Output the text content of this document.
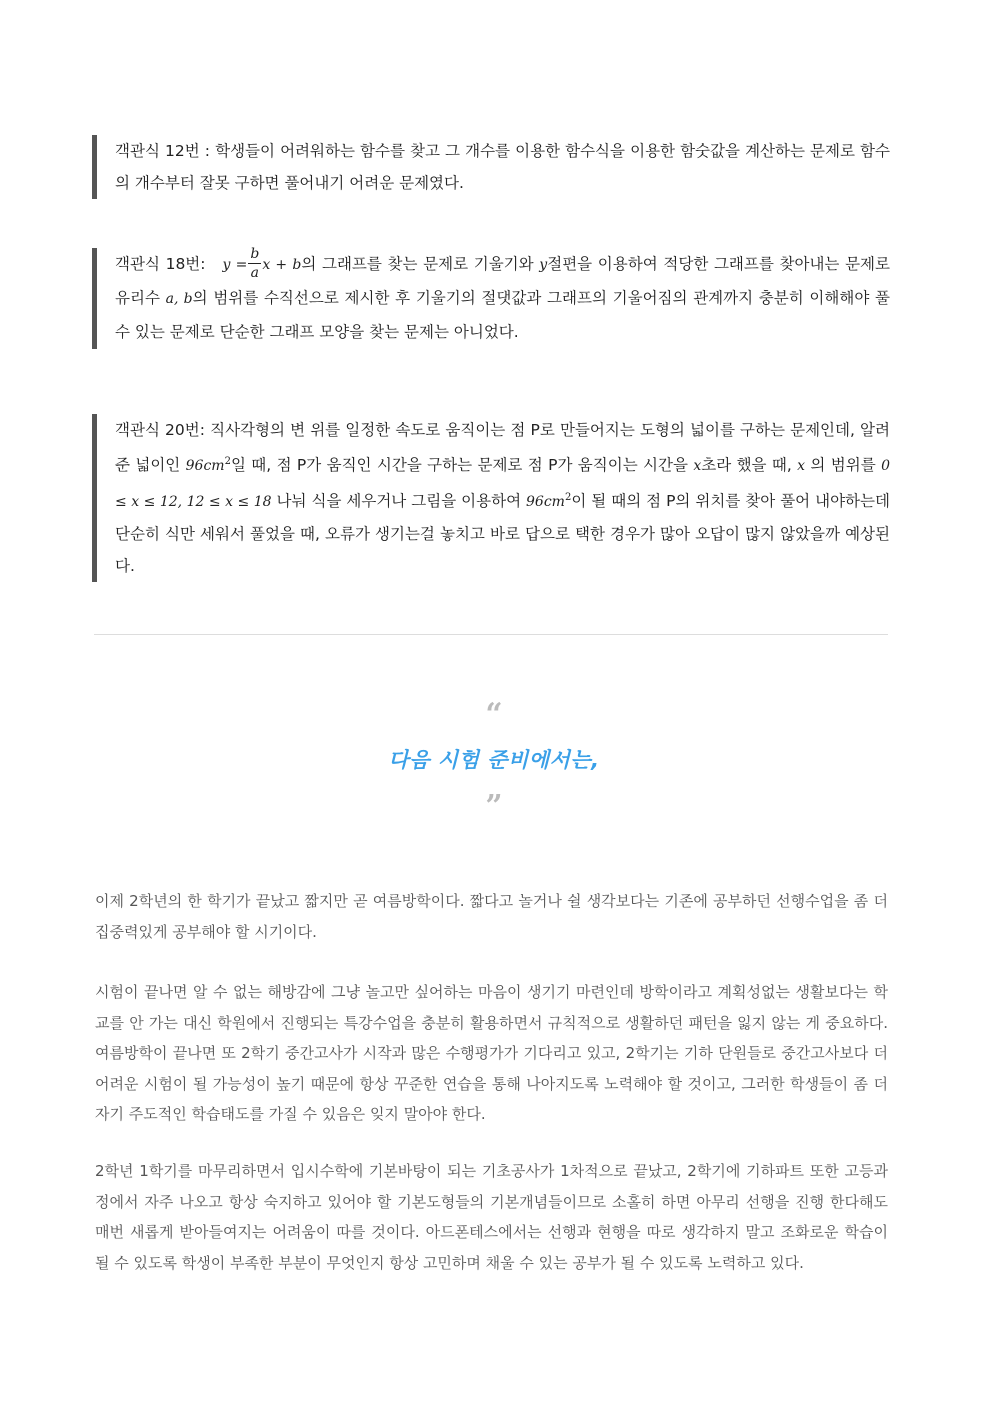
객관식 12번 : 학생들이 어려워하는 함수를 찾고 그 개수를 이용한 함수식을 이용한 함숫값을 계산하는 문제로 함수의 개수부터 잘못 구하면 풀어내기 어려운 문제였다.

객관식 18번:   $y = \frac{b}{a}$ x + b의 그래프를 찾는 문제로 기울기와 y절편을 이용하여 적당한 그래프를 찾아내는 문제로유리수 a, b의 범위를 수직선으로 제시한 후 기울기의 절댓값과 그래프의 기울어짐의 관계까지 충분히 이해해야 풀 수 있는 문제로 단순한 그래프 모양을 찾는 문제는 아니었다.

객관식 20번: 직사각형의 변 위를 일정한 속도로 움직이는 점 P로 만들어지는 도형의 넓이를 구하는 문제인데, 알려준 넓이인 $96cm^2$일 때, 점 P가 움직인 시간을 구하는 문제로 점 P가 움직이는 시간을 x초라 했을 때, x 의 범위를 0 ≤ x ≤ 12, 12 ≤ x ≤ 18 나눠 식을 세우거나 그림을 이용하여 $96cm^2$이 될 때의 점 P의 위치를 찾아 풀어 내야하는데 단순히 식만 세워서 풀었을 때, 오류가 생기는걸 놓치고 바로 답으로 택한 경우가 많아 오답이 많지 않았을까 예상된다.

“
다음 시험 준비에서는,
”

이제 2학년의 한 학기가 끝났고 짧지만 곧 여름방학이다. 짧다고 놀거나 쉴 생각보다는 기존에 공부하던 선행수업을 좀 더 집중력있게 공부해야 할 시기이다.

시험이 끝나면 알 수 없는 해방감에 그냥 놀고만 싶어하는 마음이 생기기 마련인데 방학이라고 계획성없는 생활보다는 학교를 안 가는 대신 학원에서 진행되는 특강수업을 충분히 활용하면서 규칙적으로 생활하던 패턴을 잃지 않는 게 중요하다. 여름방학이 끝나면 또 2학기 중간고사가 시작과 많은 수행평가가 기다리고 있고, 2학기는 기하 단원들로 중간고사보다 더 어려운 시험이 될 가능성이 높기 때문에 항상 꾸준한 연습을 통해 나아지도록 노력해야 할 것이고, 그러한 학생들이 좀 더 자기 주도적인 학습태도를 가질 수 있음은 잊지 말아야 한다.

2학년 1학기를 마무리하면서 입시수학에 기본바탕이 되는 기초공사가 1차적으로 끝났고, 2학기에 기하파트 또한 고등과정에서 자주 나오고 항상 숙지하고 있어야 할 기본도형들의 기본개념들이므로 소홀히 하면 아무리 선행을 진행 한다해도 매번 새롭게 받아들여지는 어려움이 따를 것이다. 아드폰테스에서는 선행과 현행을 따로 생각하지 말고 조화로운 학습이 될 수 있도록 학생이 부족한 부분이 무엇인지 항상 고민하며 채울 수 있는 공부가 될 수 있도록 노력하고 있다.
